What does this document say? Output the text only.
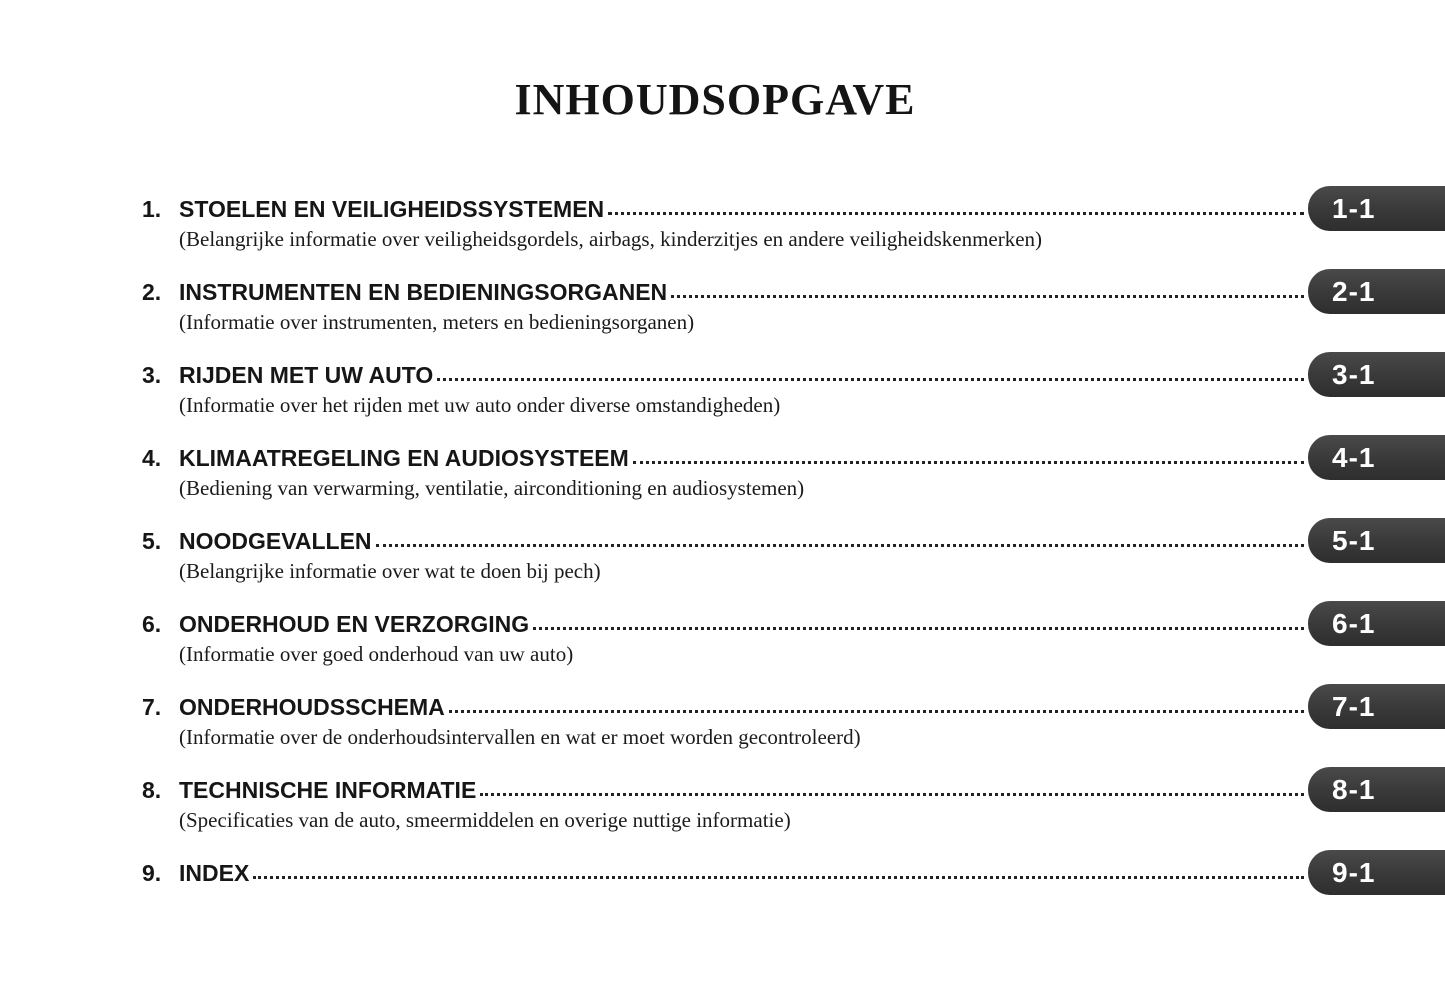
INHOUDSOPGAVE
1. STOELEN EN VEILIGHEIDSSYSTEMEN
(Belangrijke informatie over veiligheidsgordels, airbags, kinderzitjes en andere veiligheidskenmerken)
1-1
2. INSTRUMENTEN EN BEDIENINGSORGANEN
(Informatie over instrumenten, meters en bedieningsorganen)
2-1
3. RIJDEN MET UW AUTO
(Informatie over het rijden met uw auto onder diverse omstandigheden)
3-1
4. KLIMAATREGELING EN AUDIOSYSTEEM
(Bediening van verwarming, ventilatie, airconditioning en audiosystemen)
4-1
5. NOODGEVALLEN
(Belangrijke informatie over wat te doen bij pech)
5-1
6. ONDERHOUD EN VERZORGING
(Informatie over goed onderhoud van uw auto)
6-1
7. ONDERHOUDSSCHEMA
(Informatie over de onderhoudsintervallen en wat er moet worden gecontroleerd)
7-1
8. TECHNISCHE INFORMATIE
(Specificaties van de auto, smeermiddelen en overige nuttige informatie)
8-1
9. INDEX	9-1
